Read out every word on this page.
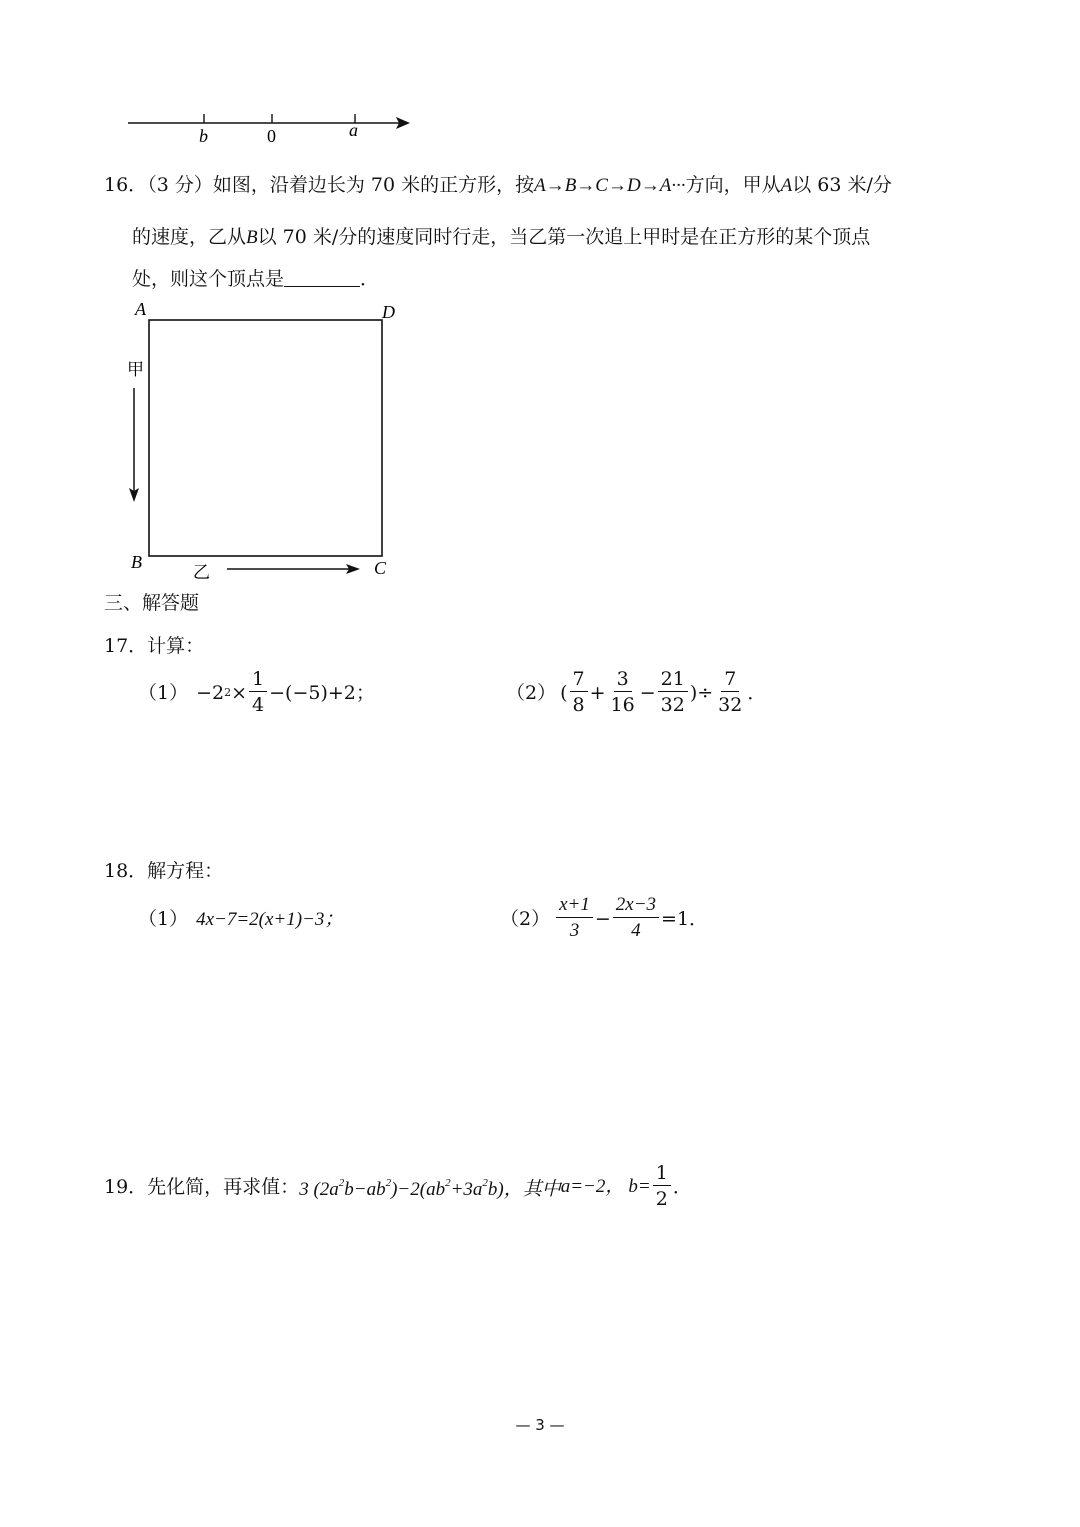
b	0	a
16．（3 分）如图，沿着边长为 70 米的正方形，按A→B→C→D→A···方向，甲从A以 63 米/分
的速度，乙从B以 70 米/分的速度同时行走，当乙第一次追上甲时是在正方形的某个顶点
处，则这个顶点是	．
A	D
B	C
甲
乙
三、解答题
17．计算：
（1） −2 $2 \times \frac{1}{4} -(-5)+2$；	（2） ( $\frac{7}{8} + \frac{3}{16} - \frac{21}{32}$ )÷ $\frac{7}{32}$ ．
18．解方程：
（1） 4x−7=2(x+1)−3；	$(2) \frac{x+1}{3} - \frac{2x-3}{4} =1$．
19．先化简，再求值： 3 $(2a^2b-ab^2)-2(ab^2+3a^2b)$，其中 a=−2， $b= \frac{1}{2}$ ．
— 3 —
